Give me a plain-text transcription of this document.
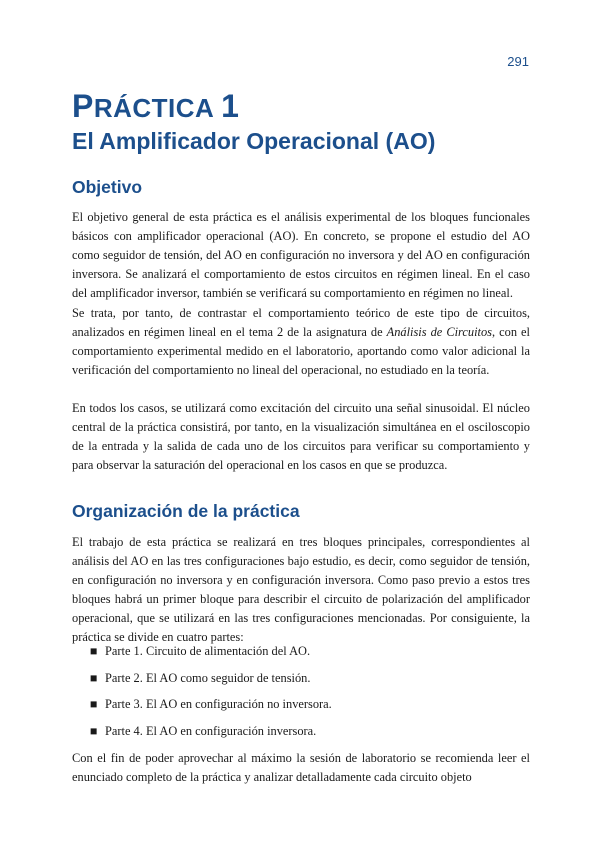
291
PRÁCTICA 1
El Amplificador Operacional (AO)
Objetivo

El objetivo general de esta práctica es el análisis experimental de los bloques funcionales básicos con amplificador operacional (AO). En concreto, se propone el estudio del AO como seguidor de tensión, del AO en configuración no inversora y del AO en configuración inversora. Se analizará el comportamiento de estos circuitos en régimen lineal. En el caso del amplificador inversor, también se verificará su comportamiento en régimen no lineal.

Se trata, por tanto, de contrastar el comportamiento teórico de este tipo de circuitos, analizados en régimen lineal en el tema 2 de la asignatura de Análisis de Circuitos, con el comportamiento experimental medido en el laboratorio, aportando como valor adicional la verificación del comportamiento no lineal del operacional, no estudiado en la teoría.

En todos los casos, se utilizará como excitación del circuito una señal sinusoidal. El núcleo central de la práctica consistirá, por tanto, en la visualización simultánea en el osciloscopio de la entrada y la salida de cada uno de los circuitos para verificar su comportamiento y para observar la saturación del operacional en los casos en que se produzca.

Organización de la práctica

El trabajo de esta práctica se realizará en tres bloques principales, correspondientes al análisis del AO en las tres configuraciones bajo estudio, es decir, como seguidor de tensión, en configuración no inversora y en configuración inversora. Como paso previo a estos tres bloques habrá un primer bloque para describir el circuito de polarización del amplificador operacional, que se utilizará en las tres configuraciones mencionadas. Por consiguiente, la práctica se divide en cuatro partes:

■ Parte 1. Circuito de alimentación del AO.
■ Parte 2. El AO como seguidor de tensión.
■ Parte 3. El AO en configuración no inversora.
■ Parte 4. El AO en configuración inversora.

Con el fin de poder aprovechar al máximo la sesión de laboratorio se recomienda leer el enunciado completo de la práctica y analizar detalladamente cada circuito objeto
